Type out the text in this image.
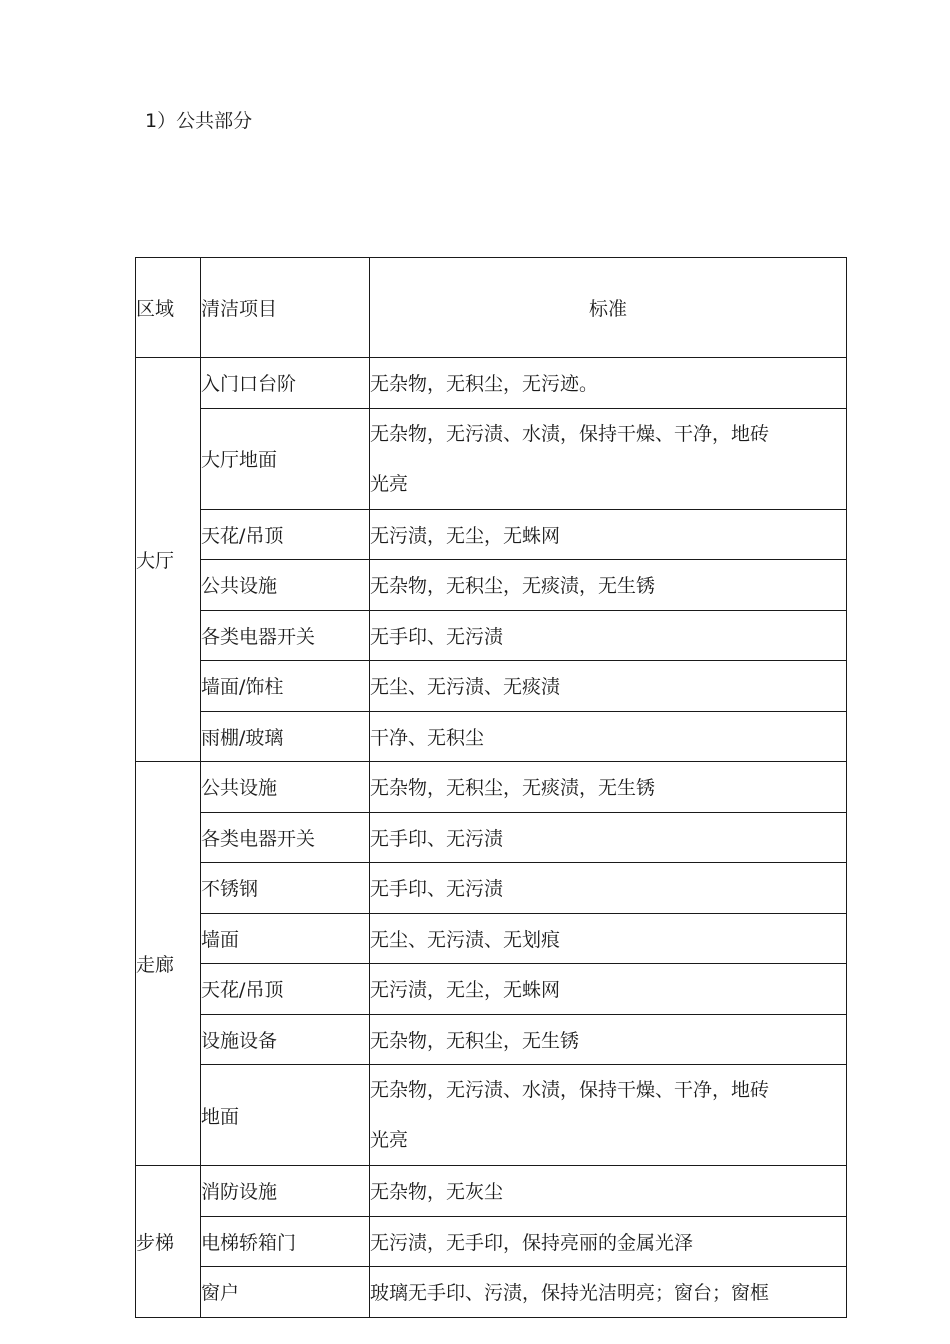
1）公共部分
区域	清洁项目	标准
大厅	入门口台阶	无杂物，无积尘，无污迹。
	大厅地面	无杂物，无污渍、水渍，保持干燥、干净，地砖
光亮

	天花/吊顶	无污渍，无尘，无蛛网
	公共设施	无杂物，无积尘，无痰渍，无生锈
	各类电器开关	无手印、无污渍
	墙面/饰柱	无尘、无污渍、无痰渍
	雨棚/玻璃	干净、无积尘
走廊	公共设施	无杂物，无积尘，无痰渍，无生锈
	各类电器开关	无手印、无污渍
	不锈钢	无手印、无污渍
	墙面	无尘、无污渍、无划痕
	天花/吊顶	无污渍，无尘，无蛛网
	设施设备	无杂物，无积尘，无生锈
	地面	无杂物，无污渍、水渍，保持干燥、干净，地砖
光亮

步梯	消防设施	无杂物，无灰尘
	电梯轿箱门	无污渍，无手印，保持亮丽的金属光泽
	窗户	玻璃无手印、污渍，保持光洁明亮；窗台；窗框
